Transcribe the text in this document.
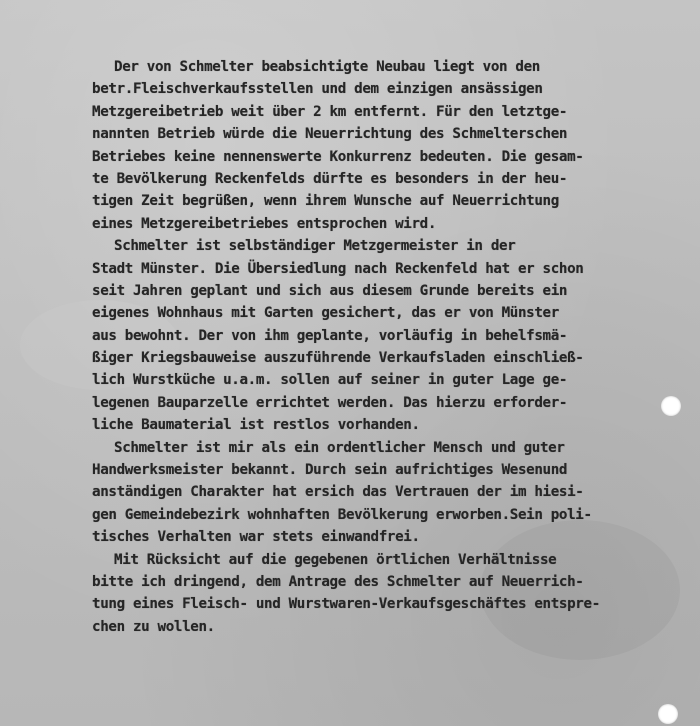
Der von Schmelter beabsichtigte Neubau liegt von den
betr.Fleischverkaufsstellen und dem einzigen ansässigen
Metzgereibetrieb weit über 2 km entfernt. Für den letztge-
nannten Betrieb würde die Neuerrichtung des Schmelterschen
Betriebes keine nennenswerte Konkurrenz bedeuten. Die gesam-
te Bevölkerung Reckenfelds dürfte es besonders in der heu-
tigen Zeit begrüßen, wenn ihrem Wunsche auf Neuerrichtung
eines Metzgereibetriebes entsprochen wird.
Schmelter ist selbständiger Metzgermeister in der
Stadt Münster. Die Übersiedlung nach Reckenfeld hat er schon
seit Jahren geplant und sich aus diesem Grunde bereits ein
eigenes Wohnhaus mit Garten gesichert, das er von Münster
aus bewohnt. Der von ihm geplante, vorläufig in behelfsmä-
ßiger Kriegsbauweise auszuführende Verkaufsladen einschließ-
lich Wurstküche u.a.m. sollen auf seiner in guter Lage ge-
legenen Bauparzelle errichtet werden. Das hierzu erforder-
liche Baumaterial ist restlos vorhanden.
Schmelter ist mir als ein ordentlicher Mensch und guter
Handwerksmeister bekannt. Durch sein aufrichtiges Wesenund
anständigen Charakter hat ersich das Vertrauen der im hiesi-
gen Gemeindebezirk wohnhaften Bevölkerung erworben.Sein poli-
tisches Verhalten war stets einwandfrei.
Mit Rücksicht auf die gegebenen örtlichen Verhältnisse
bitte ich dringend, dem Antrage des Schmelter auf Neuerrich-
tung eines Fleisch- und Wurstwaren-Verkaufsgeschäftes entspre-
chen zu wollen.
